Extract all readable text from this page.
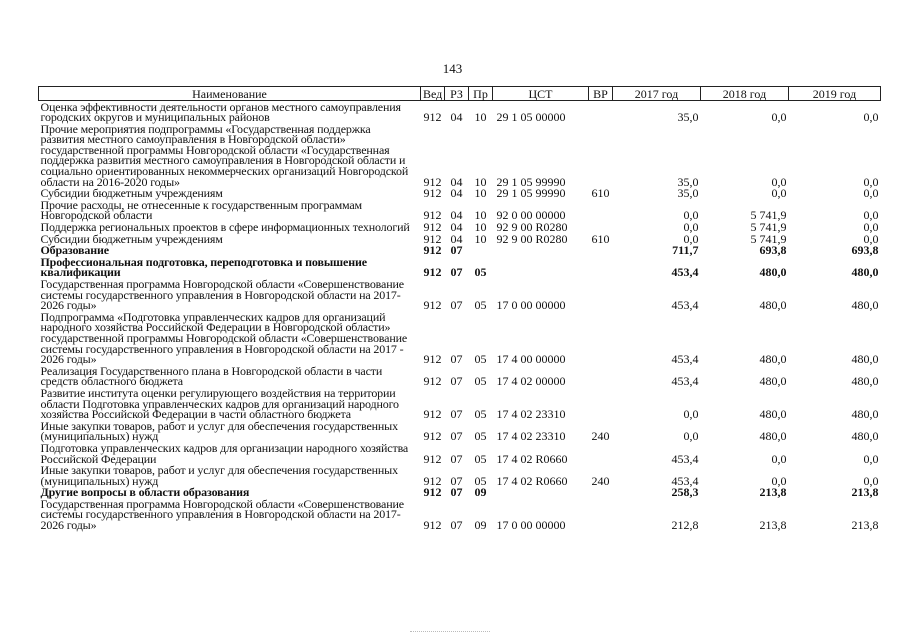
143
Наименование	Вед	РЗ	Пр	ЦСТ	ВР	2017 год	2018 год	2019 год
Оценка эффективности деятельности органов местного самоуправления городских округов и муниципальных районов	912	04	10	29 1 05 00000		35,0	0,0	0,0
Прочие мероприятия подпрограммы «Государственная поддержка развития местного самоуправления в Новгородской области» государственной программы Новгородской области «Государственная поддержка развития местного самоуправления в Новгородской области и социально ориентированных некоммерческих организаций Новгородской области на 2016-2020 годы»	912	04	10	29 1 05 99990		35,0	0,0	0,0
Субсидии бюджетным учреждениям	912	04	10	29 1 05 99990	610	35,0	0,0	0,0
Прочие расходы, не отнесенные к государственным программам Новгородской области	912	04	10	92 0 00 00000		0,0	5 741,9	0,0
Поддержка региональных проектов в сфере информационных технологий	912	04	10	92 9 00 R0280		0,0	5 741,9	0,0
Субсидии бюджетным учреждениям	912	04	10	92 9 00 R0280	610	0,0	5 741,9	0,0
Образование	912	07				711,7	693,8	693,8
Профессиональная подготовка, переподготовка и повышение квалификации	912	07	05			453,4	480,0	480,0
Государственная программа Новгородской области «Совершенствование системы государственного управления в Новгородской области на 2017-2026 годы»	912	07	05	17 0 00 00000		453,4	480,0	480,0
Подпрограмма «Подготовка управленческих кадров для организаций народного хозяйства Российской Федерации в Новгородской области» государственной программы Новгородской области «Совершенствование системы государственного управления в Новгородской области на 2017 - 2026 годы»	912	07	05	17 4 00 00000		453,4	480,0	480,0
Реализация Государственного плана в Новгородской области в части средств областного бюджета	912	07	05	17 4 02 00000		453,4	480,0	480,0
Развитие института оценки регулирующего воздействия на территории области Подготовка управленческих кадров для организаций народного хозяйства Российской Федерации в части областного бюджета	912	07	05	17 4 02 23310		0,0	480,0	480,0
Иные закупки товаров, работ и услуг для обеспечения государственных (муниципальных) нужд	912	07	05	17 4 02 23310	240	0,0	480,0	480,0
Подготовка управленческих кадров для организации народного хозяйства Российской Федерации	912	07	05	17 4 02 R0660		453,4	0,0	0,0
Иные закупки товаров, работ и услуг для обеспечения государственных (муниципальных) нужд	912	07	05	17 4 02 R0660	240	453,4	0,0	0,0
Другие вопросы в области образования	912	07	09			258,3	213,8	213,8
Государственная программа Новгородской области «Совершенствование системы государственного управления в Новгородской области на 2017-2026 годы»	912	07	09	17 0 00 00000		212,8	213,8	213,8
